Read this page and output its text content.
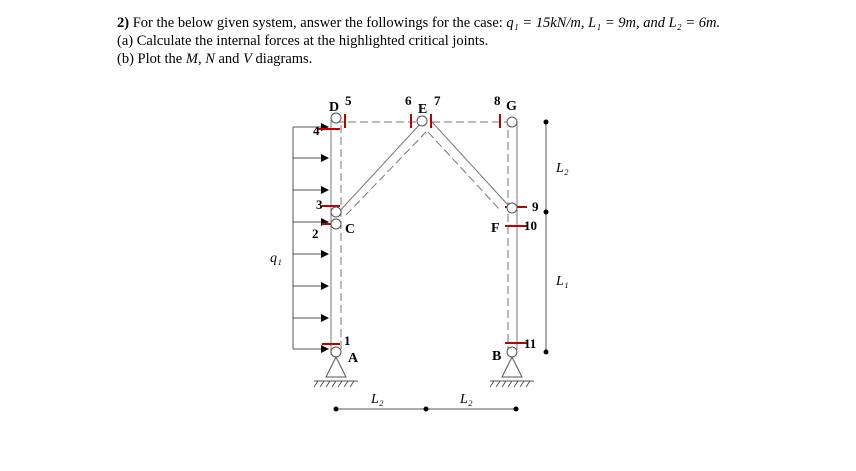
2) For the below given system, answer the followings for the case: q₁ = 15kN/m, L₁ = 9m, and L₂ = 6m.
(a) Calculate the internal forces at the highlighted critical joints.
(b) Plot the M, N and V diagrams.
q₁
A	B
C
D	E
F
G
1
2
3
4
5	6 7	8
9
10
11
L₂	L₂
L₂
L₁
